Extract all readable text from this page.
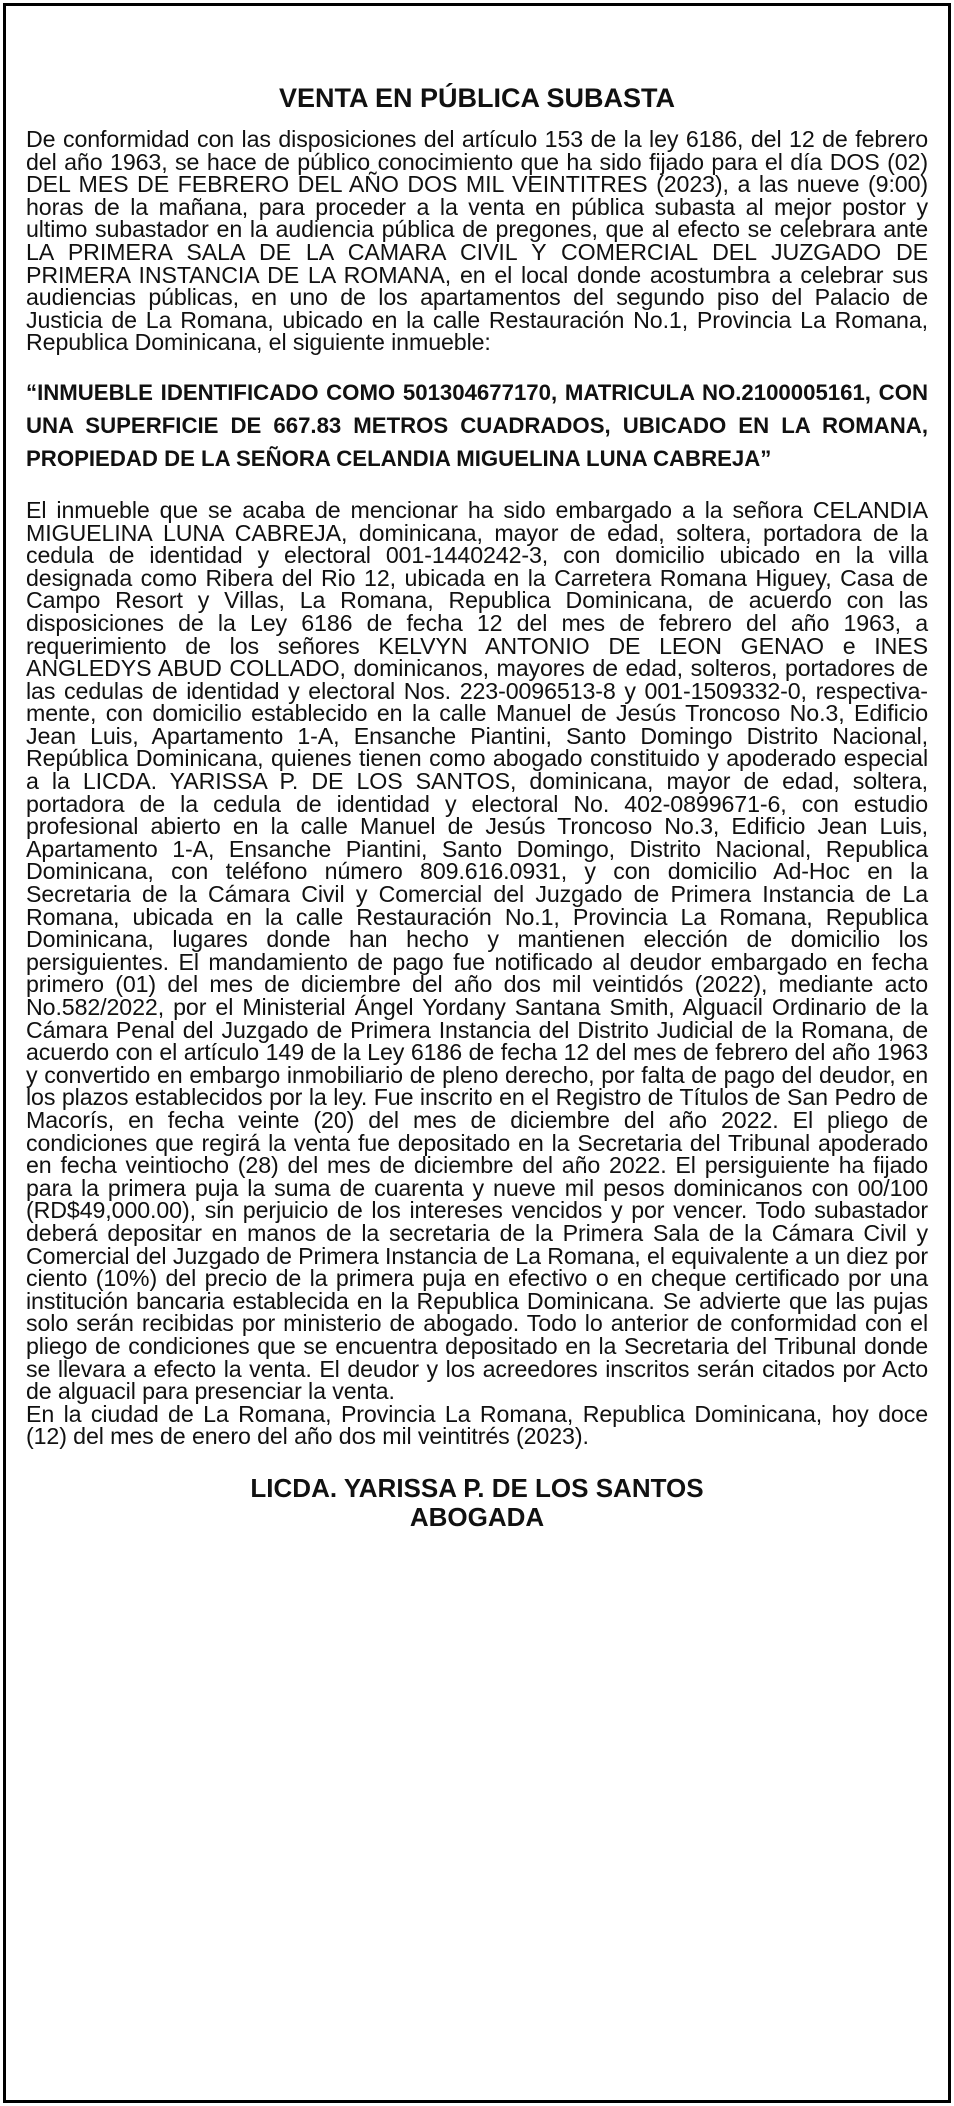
VENTA EN PÚBLICA SUBASTA

De conformidad con las disposiciones del artículo 153 de la ley 6186, del 12 de febrero del año 1963, se hace de público conocimiento que ha sido fijado para el día DOS (02) DEL MES DE FEBRERO DEL AÑO DOS MIL VEINTITRES (2023), a las nueve (9:00) horas de la mañana, para proceder a la venta en pública subasta al mejor postor y ultimo subastador en la audiencia pública de pregones, que al efecto se celebrara ante LA PRIMERA SALA DE LA CAMARA CIVIL Y COMERCIAL DEL JUZGADO DE PRIMERA INSTANCIA DE LA ROMANA, en el local donde acostumbra a celebrar sus audiencias públicas, en uno de los apartamentos del segundo piso del Palacio de Justicia de La Romana, ubicado en la calle Restauración No.1, Provincia La Romana, Republica Dominicana, el siguiente inmueble:

“INMUEBLE IDENTIFICADO COMO 501304677170, MATRICULA NO.2100005161, CON UNA SUPERFICIE DE 667.83 METROS CUADRADOS, UBICADO EN LA ROMANA, PROPIEDAD DE LA SEÑORA CELANDIA MIGUELINA LUNA CABREJA”

El inmueble que se acaba de mencionar ha sido embargado a la señora CELANDIA MIGUELINA LUNA CABREJA, dominicana, mayor de edad, soltera, portadora de la cedula de identidad y electoral 001-1440242-3, con domicilio ubicado en la villa designada como Ribera del Rio 12, ubicada en la Carretera Romana Higuey, Casa de Campo Resort y Villas, La Romana, Republica Dominicana, de acuerdo con las disposiciones de la Ley 6186 de fecha 12 del mes de febrero del año 1963, a requerimiento de los señores KELVYN ANTONIO DE LEON GENAO e INES ANGLEDYS ABUD COLLADO, dominicanos, mayores de edad, solteros, portadores de las cedulas de identidad y electoral Nos. 223-0096513-8 y 001-1509332-0, respectivamente, con domicilio establecido en la calle Manuel de Jesús Troncoso No.3, Edificio Jean Luis, Apartamento 1-A, Ensanche Piantini, Santo Domingo Distrito Nacional, República Dominicana, quienes tienen como abogado constituido y apoderado especial a la LICDA. YARISSA P. DE LOS SANTOS, dominicana, mayor de edad, soltera, portadora de la cedula de identidad y electoral No. 402-0899671-6, con estudio profesional abierto en la calle Manuel de Jesús Troncoso No.3, Edificio Jean Luis, Apartamento 1-A, Ensanche Piantini, Santo Domingo, Distrito Nacional, Republica Dominicana, con teléfono número 809.616.0931, y con domicilio Ad-Hoc en la Secretaria de la Cámara Civil y Comercial del Juzgado de Primera Instancia de La Romana, ubicada en la calle Restauración No.1, Provincia La Romana, Republica Dominicana, lugares donde han hecho y mantienen elección de domicilio los persiguientes. El mandamiento de pago fue notificado al deudor embargado en fecha primero (01) del mes de diciembre del año dos mil veintidós (2022), mediante acto No.582/2022, por el Ministerial Ángel Yordany Santana Smith, Alguacil Ordinario de la Cámara Penal del Juzgado de Primera Instancia del Distrito Judicial de la Romana, de acuerdo con el artículo 149 de la Ley 6186 de fecha 12 del mes de febrero del año 1963 y convertido en embargo inmobiliario de pleno derecho, por falta de pago del deudor, en los plazos establecidos por la ley. Fue inscrito en el Registro de Títulos de San Pedro de Macorís, en fecha veinte (20) del mes de diciembre del año 2022. El pliego de condiciones que regirá la venta fue depositado en la Secretaria del Tribunal apoderado en fecha veintiocho (28) del mes de diciembre del año 2022. El persiguiente ha fijado para la primera puja la suma de cuarenta y nueve mil pesos dominicanos con 00/100 (RD$49,000.00), sin perjuicio de los intereses vencidos y por vencer. Todo subastador deberá depositar en manos de la secretaria de la Primera Sala de la Cámara Civil y Comercial del Juzgado de Primera Instancia de La Romana, el equivalente a un diez por ciento (10%) del precio de la primera puja en efectivo o en cheque certificado por una institución bancaria establecida en la Republica Dominicana. Se advierte que las pujas solo serán recibidas por ministerio de abogado. Todo lo anterior de conformidad con el pliego de condiciones que se encuentra depositado en la Secretaria del Tribunal donde se llevara a efecto la venta. El deudor y los acreedores inscritos serán citados por Acto de alguacil para presenciar la venta.

En la ciudad de La Romana, Provincia La Romana, Republica Dominicana, hoy doce (12) del mes de enero del año dos mil veintitrés (2023).

LICDA. YARISSA P. DE LOS SANTOS
ABOGADA
